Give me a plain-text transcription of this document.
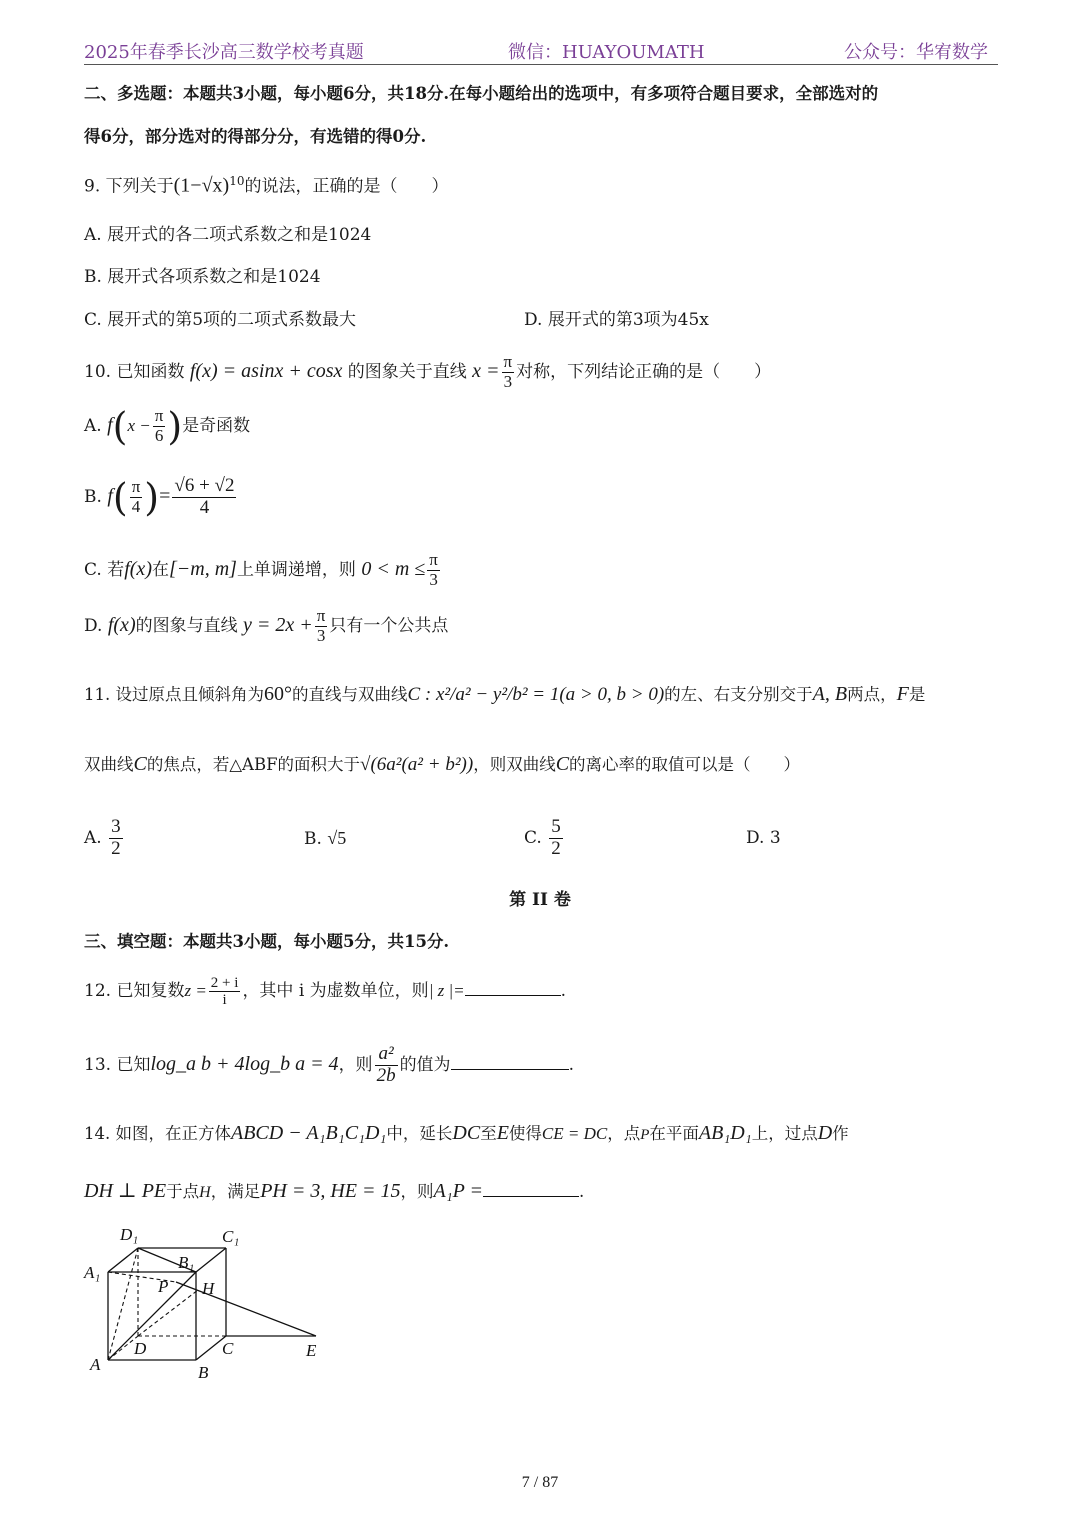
2025年春季长沙高三数学校考真题	微信：HUAYOUMATH	公众号：华宥数学
二、多选题：本题共3小题，每小题6分，共18分.在每小题给出的选项中，有多项符合题目要求，全部选对的
得6分，部分选对的得部分分，有选错的得0分.
9. 下列关于$(1-√x)^{10}$的说法，正确的是（　　）
A. 展开式的各二项式系数之和是1024
B. 展开式各项系数之和是1024
C. 展开式的第5项的二项式系数最大	D. 展开式的第3项为45x
10. 已知函数 f(x) = asinx + cosx 的图象关于直线 $x = \frac{\pi}{3}$ 对称，下列结论正确的是（　　）
A. $f(x - \frac{\pi}{6}$ )是奇函数
B. $f( \frac{\pi}{4}$ )= $\frac{√6 + √2}{4}$
C. 若f(x)在[−m, m]上单调递增，则 $0 < m \le \frac{\pi}{3}$
D. f(x)的图象与直线 $y = 2x + \frac{\pi}{3}$ 只有一个公共点
11. 设过原点且倾斜角为60°的直线与双曲线C : x²/a² − y²/b² = 1(a > 0, b > 0)的左、右支分别交于A, B两点，F是
双曲线C的焦点，若△ABF的面积大于√(6a²(a² + b²))，则双曲线C的离心率的取值可以是（　　）
A. $\frac{3}{2}$	B. √5	C. $\frac{5}{2}$	D. 3
第 II 卷
三、填空题：本题共3小题，每小题5分，共15分.
12. 已知复数$z = \frac{2 + i}{i}$ ，其中 i 为虚数单位，则| z |=	.
13. 已知log_a b + 4log_b a = 4，则 $\frac{\text{a²}}{2b}$ 的值为	.
14. 如图，在正方体ABCD − A₁B₁C₁D₁中，延长DC至E使得CE = DC，点P在平面AB₁D₁上，过点D作
DH ⊥ PE于点H，满足PH = 3, HE = 15，则A₁P =	.
D₁	C₁
B₁
A₁
P H
D	C	E
A	B
7 / 87
